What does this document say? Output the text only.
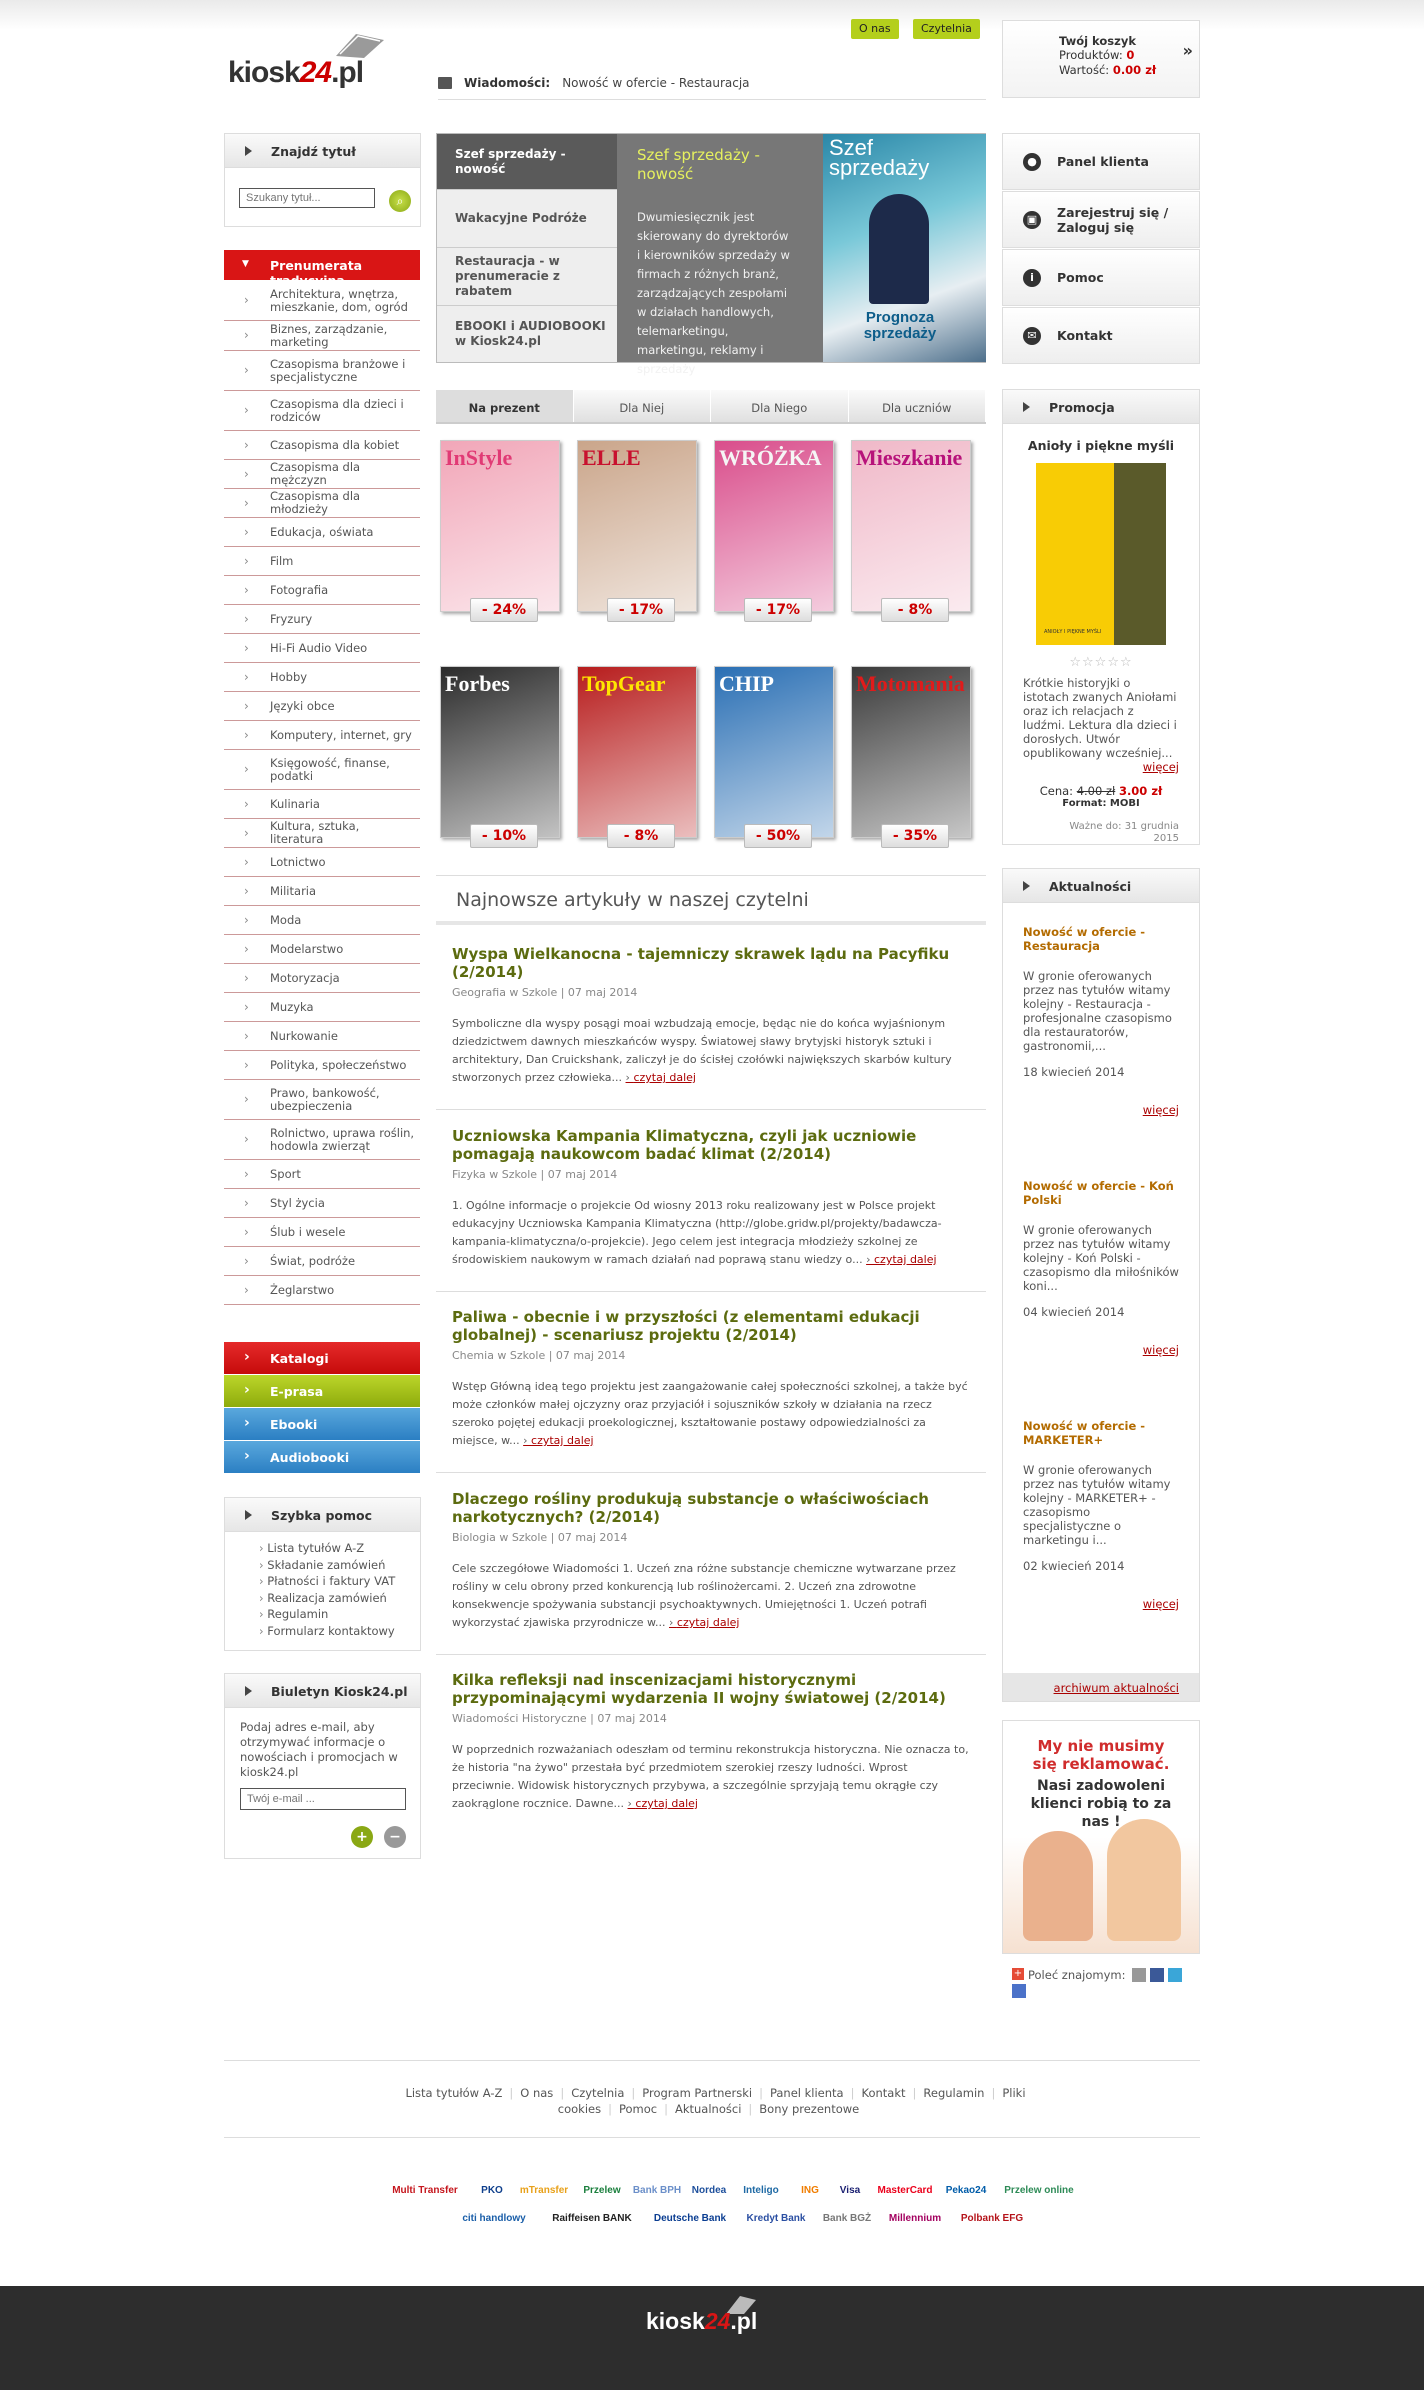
kiosk24.pl
O nas	Czytelnia
Wiadomości: Nowość w ofercie - Restauracja
Twój koszyk
Produktów: 0
Wartość: 0.00 zł
»
Znajdź tytuł
Szukany tytuł...
⌕
▼ Prenumerata tradycyjna
› Architektura, wnętrza, mieszkanie, dom, ogród
› Biznes, zarządzanie, marketing
› Czasopisma branżowe i specjalistyczne
› Czasopisma dla dzieci i rodziców
› Czasopisma dla kobiet
› Czasopisma dla mężczyzn
› Czasopisma dla młodzieży
› Edukacja, oświata
› Film
› Fotografia
› Fryzury
› Hi-Fi Audio Video
› Hobby
› Języki obce
› Komputery, internet, gry
› Księgowość, finanse, podatki
› Kulinaria
› Kultura, sztuka, literatura
› Lotnictwo
› Militaria
› Moda
› Modelarstwo
› Motoryzacja
› Muzyka
› Nurkowanie
› Polityka, społeczeństwo
› Prawo, bankowość, ubezpieczenia
› Rolnictwo, uprawa roślin, hodowla zwierząt
› Sport
› Styl życia
› Ślub i wesele
› Świat, podróże
› Żeglarstwo
› Katalogi
› E-prasa
› Ebooki
› Audiobooki
Szybka pomoc
› Lista tytułów A-Z
› Składanie zamówień
› Płatności i faktury VAT
› Realizacja zamówień
› Regulamin
› Formularz kontaktowy
Biuletyn Kiosk24.pl
Podaj adres e-mail, aby otrzymywać informacje o nowościach i promocjach w kiosk24.pl
Twój e-mail ...
+	−
Szef sprzedaży - nowość
Wakacyjne Podróże
Restauracja - w prenumeracie z rabatem
EBOOKI i AUDIOBOOKI w Kiosk24.pl
Szef sprzedaży - nowość

Dwumiesięcznik jest skierowany do dyrektorów i kierowników sprzedaży w firmach z różnych branż, zarządzających zespołami w działach handlowych, telemarketingu, marketingu, reklamy i sprzedaży

Szef sprzedaży
Prognoza sprzedaży
Na prezent	Dla Niej	Dla Niego	Dla uczniów
InStyle
- 24%
ELLE
- 17%
WRÓŻKA
- 17%
Mieszkanie
- 8%
Forbes
- 10%
TopGear
- 8%
CHIP
- 50%
Motomania
- 35%
Najnowsze artykuły w naszej czytelni
Wyspa Wielkanocna - tajemniczy skrawek lądu na Pacyfiku (2/2014)
Geografia w Szkole | 07 maj 2014

Symboliczne dla wyspy posągi moai wzbudzają emocje, będąc nie do końca wyjaśnionym dziedzictwem dawnych mieszkańców wyspy. Światowej sławy brytyjski historyk sztuki i architektury, Dan Cruickshank, zaliczył je do ścisłej czołówki największych skarbów kultury stworzonych przez człowieka... › czytaj dalej

Uczniowska Kampania Klimatyczna, czyli jak uczniowie pomagają naukowcom badać klimat (2/2014)
Fizyka w Szkole | 07 maj 2014

1. Ogólne informacje o projekcie Od wiosny 2013 roku realizowany jest w Polsce projekt edukacyjny Uczniowska Kampania Klimatyczna (http://globe.gridw.pl/projekty/badawcza-kampania-klimatyczna/o-projekcie). Jego celem jest integracja młodzieży szkolnej ze środowiskiem naukowym w ramach działań nad poprawą stanu wiedzy o... › czytaj dalej

Paliwa - obecnie i w przyszłości (z elementami edukacji globalnej) - scenariusz projektu (2/2014)
Chemia w Szkole | 07 maj 2014

Wstęp Główną ideą tego projektu jest zaangażowanie całej społeczności szkolnej, a także być może członków małej ojczyzny oraz przyjaciół i sojuszników szkoły w działania na rzecz szeroko pojętej edukacji proekologicznej, kształtowanie postawy odpowiedzialności za miejsce, w... › czytaj dalej

Dlaczego rośliny produkują substancje o właściwościach narkotycznych? (2/2014)
Biologia w Szkole | 07 maj 2014

Cele szczegółowe Wiadomości 1. Uczeń zna różne substancje chemiczne wytwarzane przez rośliny w celu obrony przed konkurencją lub roślinożercami. 2. Uczeń zna zdrowotne konsekwencje spożywania substancji psychoaktywnych. Umiejętności 1. Uczeń potrafi wykorzystać zjawiska przyrodnicze w... › czytaj dalej

Kilka refleksji nad inscenizacjami historycznymi przypominającymi wydarzenia II wojny światowej (2/2014)
Wiadomości Historyczne | 07 maj 2014

W poprzednich rozważaniach odeszłam od terminu rekonstrukcja historyczna. Nie oznacza to, że historia "na żywo" przestała być przedmiotem szerokiej rzeszy ludności. Wprost przeciwnie. Widowisk historycznych przybywa, a szczególnie sprzyjają temu okrągłe czy zaokrąglone rocznice. Dawne... › czytaj dalej

●	Panel klienta
▣	Zarejestruj się / Zaloguj się
i	Pomoc
✉	Kontakt
Promocja
Anioły i piękne myśli
ANIOŁY I PIĘKNE MYŚLI
☆☆☆☆☆
Krótkie historyjki o istotach zwanych Aniołami oraz ich relacjach z ludźmi. Lektura dla dzieci i dorosłych. Utwór opublikowany wcześniej...
więcej
Cena: 4.00 zł 3.00 zł
Format: MOBI
Ważne do: 31 grudnia 2015
Aktualności
Nowość w ofercie - Restauracja

W gronie oferowanych przez nas tytułów witamy kolejny - Restauracja - profesjonalne czasopismo dla restauratorów, gastronomii,...

18 kwiecień 2014
więcej
Nowość w ofercie - Koń Polski

W gronie oferowanych przez nas tytułów witamy kolejny - Koń Polski - czasopismo dla miłośników koni...

04 kwiecień 2014
więcej
Nowość w ofercie - MARKETER+

W gronie oferowanych przez nas tytułów witamy kolejny - MARKETER+ - czasopismo specjalistyczne o marketingu i...

02 kwiecień 2014
więcej
archiwum aktualności
My nie musimy się reklamować.
Nasi zadowoleni klienci robią to za nas !
+ Poleć znajomym:
Lista tytułów A-Z | O nas | Czytelnia | Program Partnerski | Panel klienta | Kontakt | Regulamin | Pliki cookies | Pomoc | Aktualności | Bony prezentowe
Multi Transfer	PKO	mTransfer	Przelew	Bank BPH	Nordea	Inteligo	ING	Visa	MasterCard	Pekao24	Przelew online
citi handlowy	Raiffeisen BANK	Deutsche Bank	Kredyt Bank	Bank BGŻ	Millennium	Polbank EFG
kiosk24.pl
